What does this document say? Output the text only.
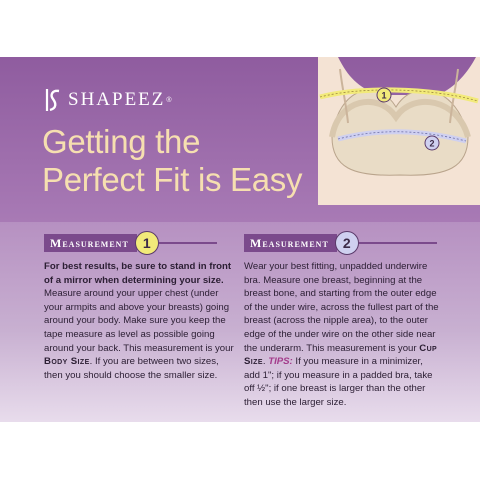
SHAPEEZ ®
Getting the
Perfect Fit is Easy
1
2
Measurement	1	Measurement	2

For best results, be sure to stand in front of a mirror when determining your size. Measure around your upper chest (under your armpits and above your breasts) going around your body. Make sure you keep the tape measure as level as possible going around your back. This measurement is your Body Size. If you are between two sizes, then you should choose the smaller size.

Wear your best fitting, unpadded underwire bra. Measure one breast, beginning at the breast bone, and starting from the outer edge of the under wire, across the fullest part of the breast (across the nipple area), to the outer edge of the under wire on the other side near the underarm. This measurement is your Cup Size. TIPS: If you measure in a minimizer, add 1"; if you measure in a padded bra, take off ½"; if one breast is larger than the other then use the larger size.
